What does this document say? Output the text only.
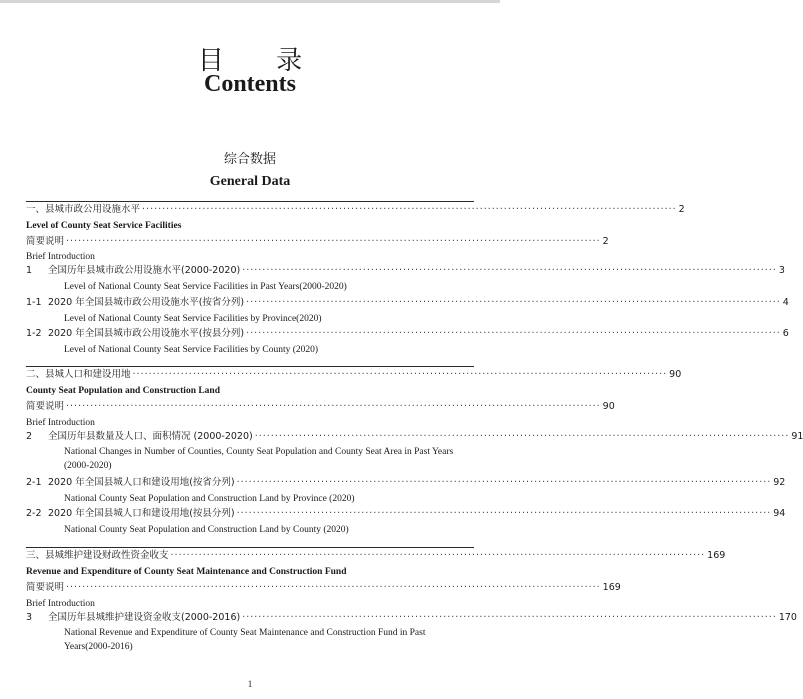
目 录
Contents
综合数据
General Data
一、 县城市政公用设施水平 ····································································································································· 2
Level of County Seat Service Facilities
简要说明 ····································································································································· 2
Brief Introduction
1	全国历年县城市政公用设施水平(2000-2020) ····································································································································· 3
Level of National County Seat Service Facilities in Past Years(2000-2020)
1-1 2020 年全国县城市政公用设施水平(按省分列) ····································································································································· 4
Level of National County Seat Service Facilities by Province(2020)
1-2 2020 年全国县城市政公用设施水平(按县分列) ····································································································································· 6
Level of National County Seat Service Facilities by County (2020)
二、 县城人口和建设用地 ····································································································································· 90
County Seat Population and Construction Land
简要说明 ····································································································································· 90
Brief Introduction
2	全国历年县数量及人口、面积情况 (2000-2020) ····································································································································· 91
National Changes in Number of Counties, County Seat Population and County Seat Area in Past Years (2000-2020)
2-1 2020 年全国县城人口和建设用地(按省分列) ····································································································································· 92
National County Seat Population and Construction Land by Province (2020)
2-2 2020 年全国县城人口和建设用地(按县分列) ····································································································································· 94
National County Seat Population and Construction Land by County (2020)
三、 县城维护建设财政性资金收支 ····································································································································· 169
Revenue and Expenditure of County Seat Maintenance and Construction Fund
简要说明 ····································································································································· 169
Brief Introduction
3	全国历年县城维护建设资金收支(2000-2016) ····································································································································· 170
National Revenue and Expenditure of County Seat Maintenance and Construction Fund in Past Years(2000-2016)
1
